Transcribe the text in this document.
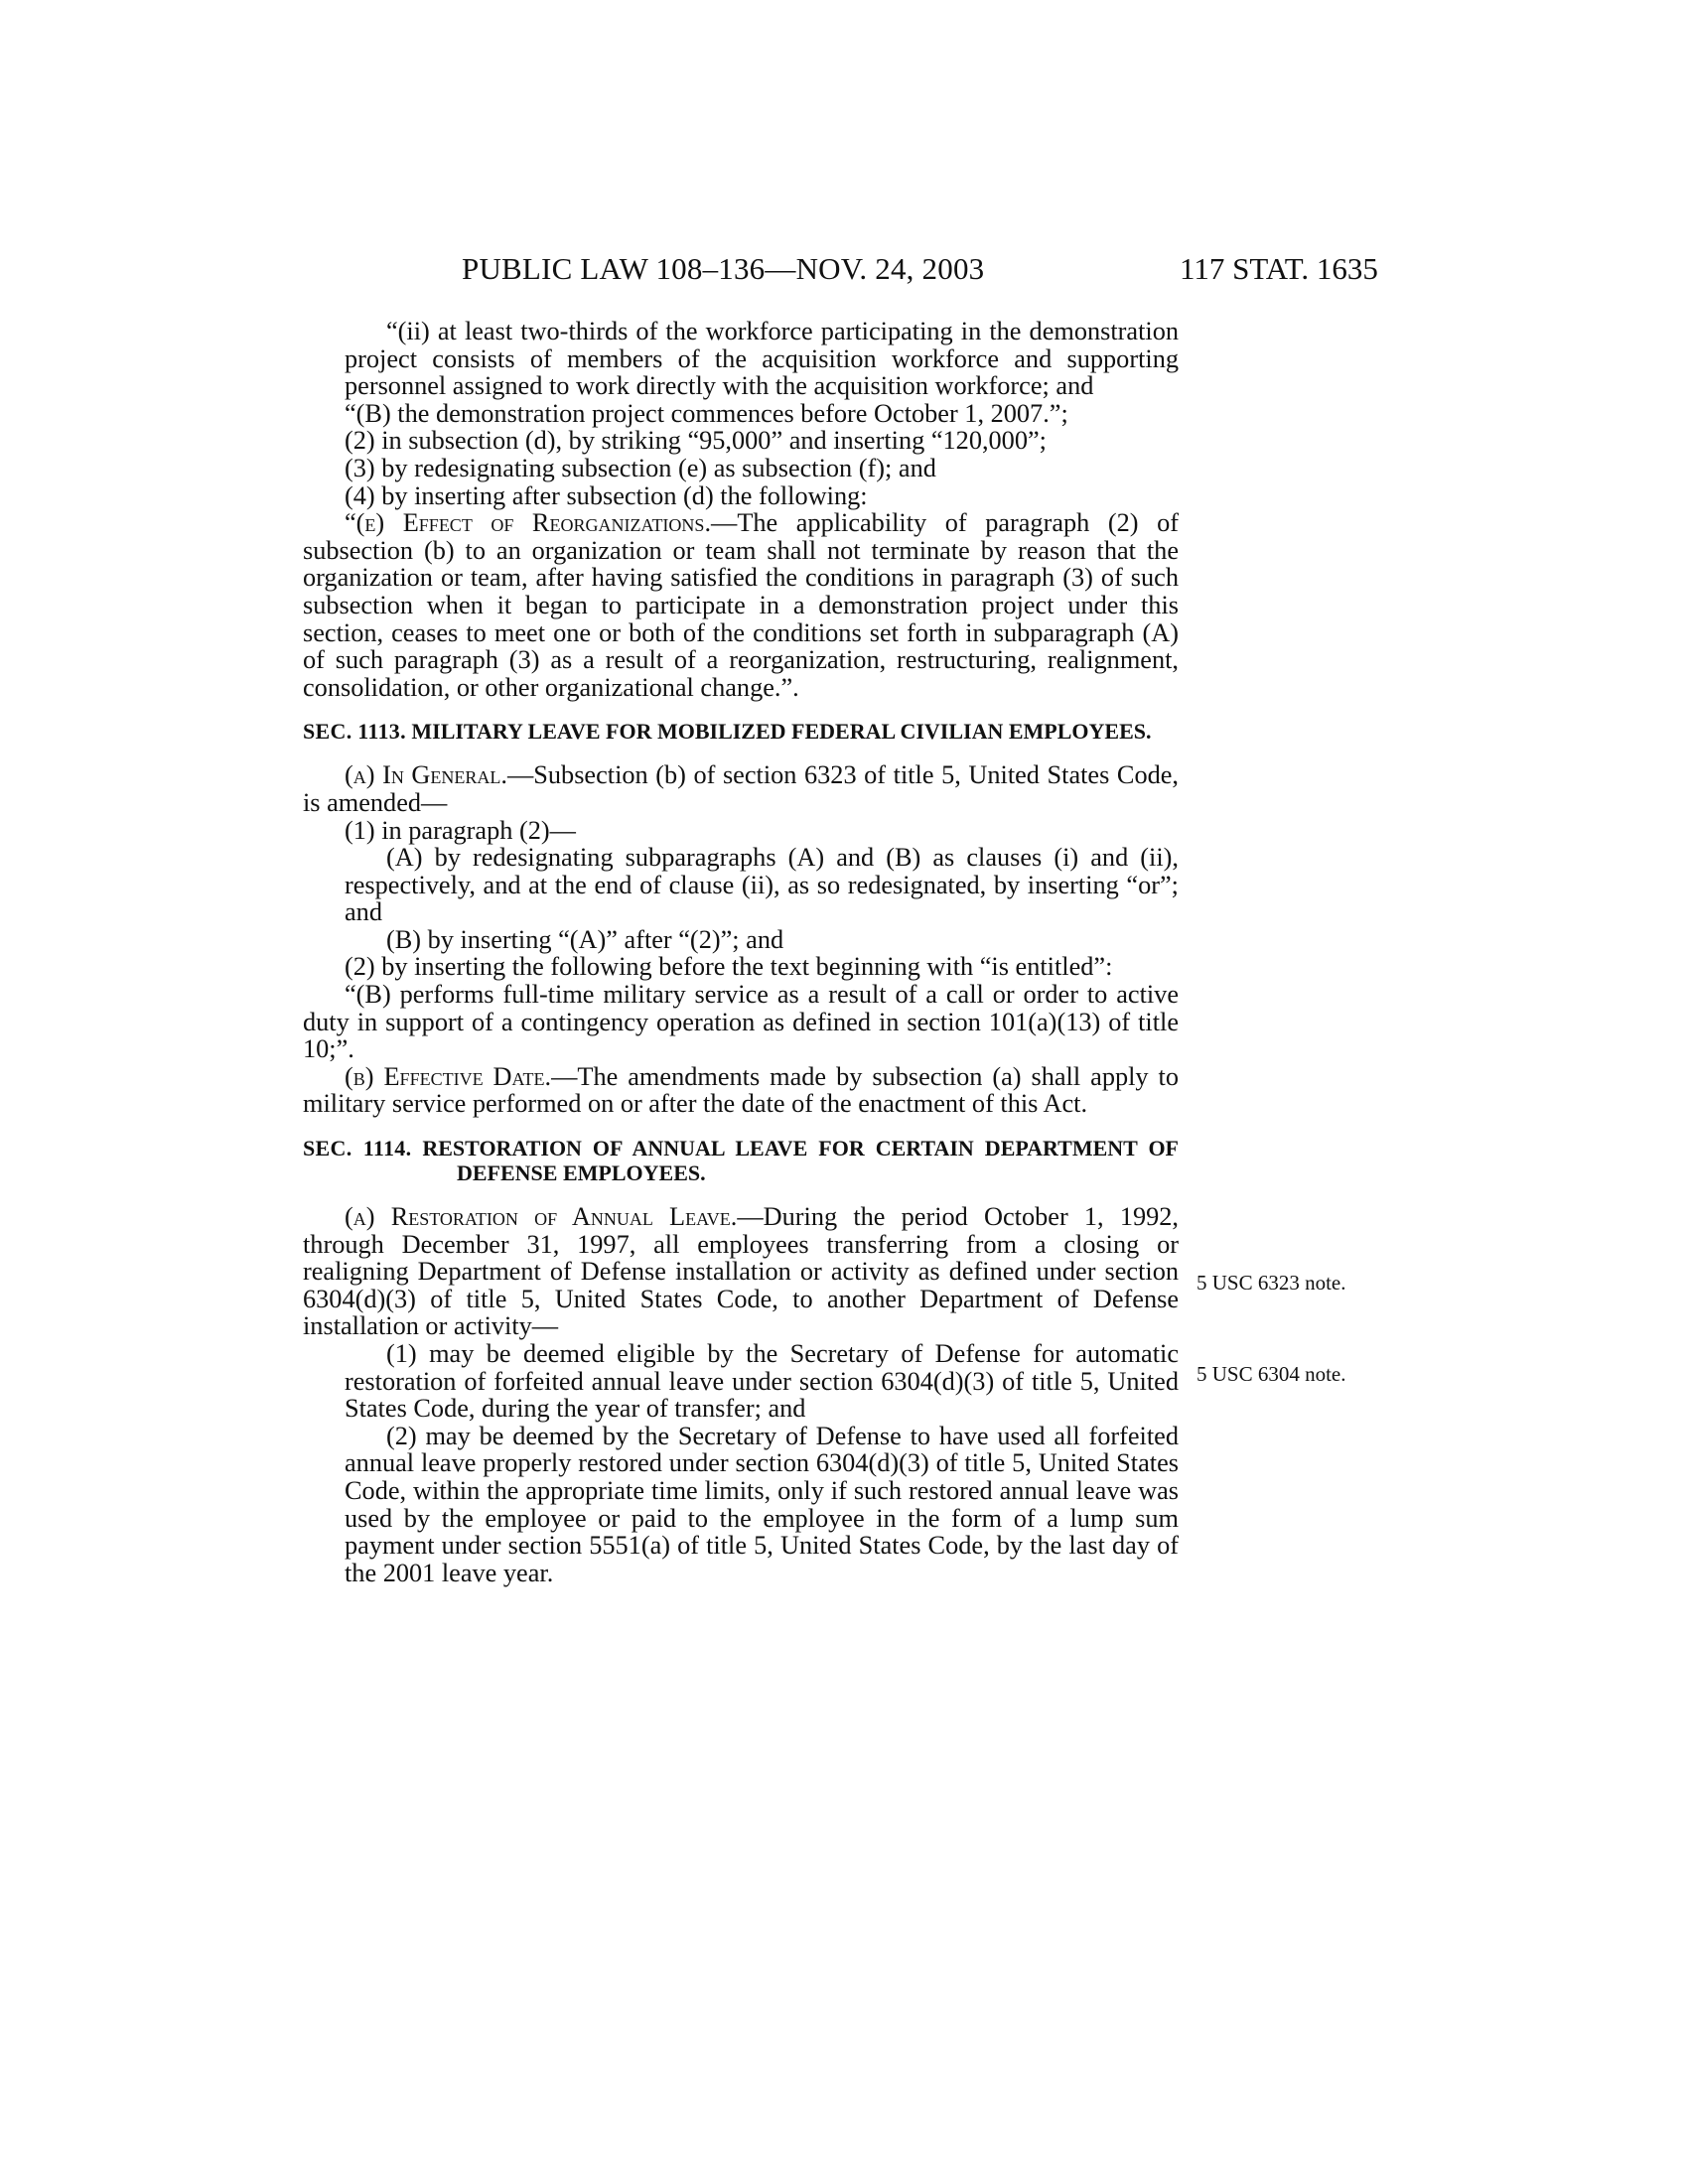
PUBLIC LAW 108–136—NOV. 24, 2003	117 STAT. 1635

“(ii) at least two-thirds of the workforce participating in the demonstration project consists of members of the acquisition workforce and supporting personnel assigned to work directly with the acquisition workforce; and

“(B) the demonstration project commences before October 1, 2007.”;

(2) in subsection (d), by striking “95,000” and inserting “120,000”;

(3) by redesignating subsection (e) as subsection (f); and

(4) by inserting after subsection (d) the following:

“(e) Effect of Reorganizations.—The applicability of paragraph (2) of subsection (b) to an organization or team shall not terminate by reason that the organization or team, after having satisfied the conditions in paragraph (3) of such subsection when it began to participate in a demonstration project under this section, ceases to meet one or both of the conditions set forth in subparagraph (A) of such paragraph (3) as a result of a reorganization, restructuring, realignment, consolidation, or other organizational change.”.

SEC. 1113. MILITARY LEAVE FOR MOBILIZED FEDERAL CIVILIAN EMPLOYEES.

(a) In General.—Subsection (b) of section 6323 of title 5, United States Code, is amended—

(1) in paragraph (2)—

(A) by redesignating subparagraphs (A) and (B) as clauses (i) and (ii), respectively, and at the end of clause (ii), as so redesignated, by inserting “or”; and

(B) by inserting “(A)” after “(2)”; and

(2) by inserting the following before the text beginning with “is entitled”:

“(B) performs full-time military service as a result of a call or order to active duty in support of a contingency operation as defined in section 101(a)(13) of title 10;”.

(b) Effective Date.—The amendments made by subsection (a) shall apply to military service performed on or after the date of the enactment of this Act.

SEC. 1114. RESTORATION OF ANNUAL LEAVE FOR CERTAIN DEPARTMENT OF DEFENSE EMPLOYEES.

(a) Restoration of Annual Leave.—During the period October 1, 1992, through December 31, 1997, all employees transferring from a closing or realigning Department of Defense installation or activity as defined under section 6304(d)(3) of title 5, United States Code, to another Department of Defense installation or activity—

(1) may be deemed eligible by the Secretary of Defense for automatic restoration of forfeited annual leave under section 6304(d)(3) of title 5, United States Code, during the year of transfer; and

(2) may be deemed by the Secretary of Defense to have used all forfeited annual leave properly restored under section 6304(d)(3) of title 5, United States Code, within the appropriate time limits, only if such restored annual leave was used by the employee or paid to the employee in the form of a lump sum payment under section 5551(a) of title 5, United States Code, by the last day of the 2001 leave year.

5 USC 6323 note.
5 USC 6304 note.
